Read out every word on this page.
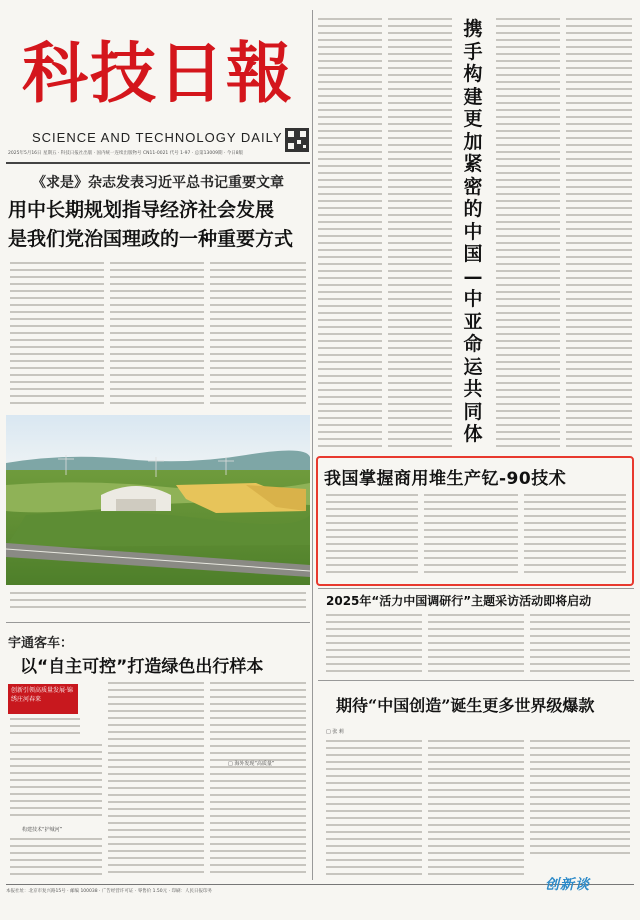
科技日報
SCIENCE AND TECHNOLOGY DAILY
2025年5月16日 星期五 · 科技日报社出版 · 国内统一连续出版物号 CN11-0021 代号 1-97 · 总第13009期 · 今日8版
《求是》杂志发表习近平总书记重要文章
用中长期规划指导经济社会发展
是我们党治国理政的一种重要方式
宇通客车：
以“自主可控”打造绿色出行样本
创新引领高质量发展·锦绣庄河春来
构建技术“护城河”
携手构建更加紧密的中国—中亚命运共同体
我国掌握商用堆生产钇-90技术
2025年“活力中国调研行”主题采访活动即将启动
期待“中国创造”诞生更多世界级爆款
□ 张 莉
□ 海外发现“高质量”
创新谈
本报社址：北京市复兴路15号 · 邮编 100038 · 广告经营许可证 · 零售价 1.50元 · 印刷：人民日报印务
